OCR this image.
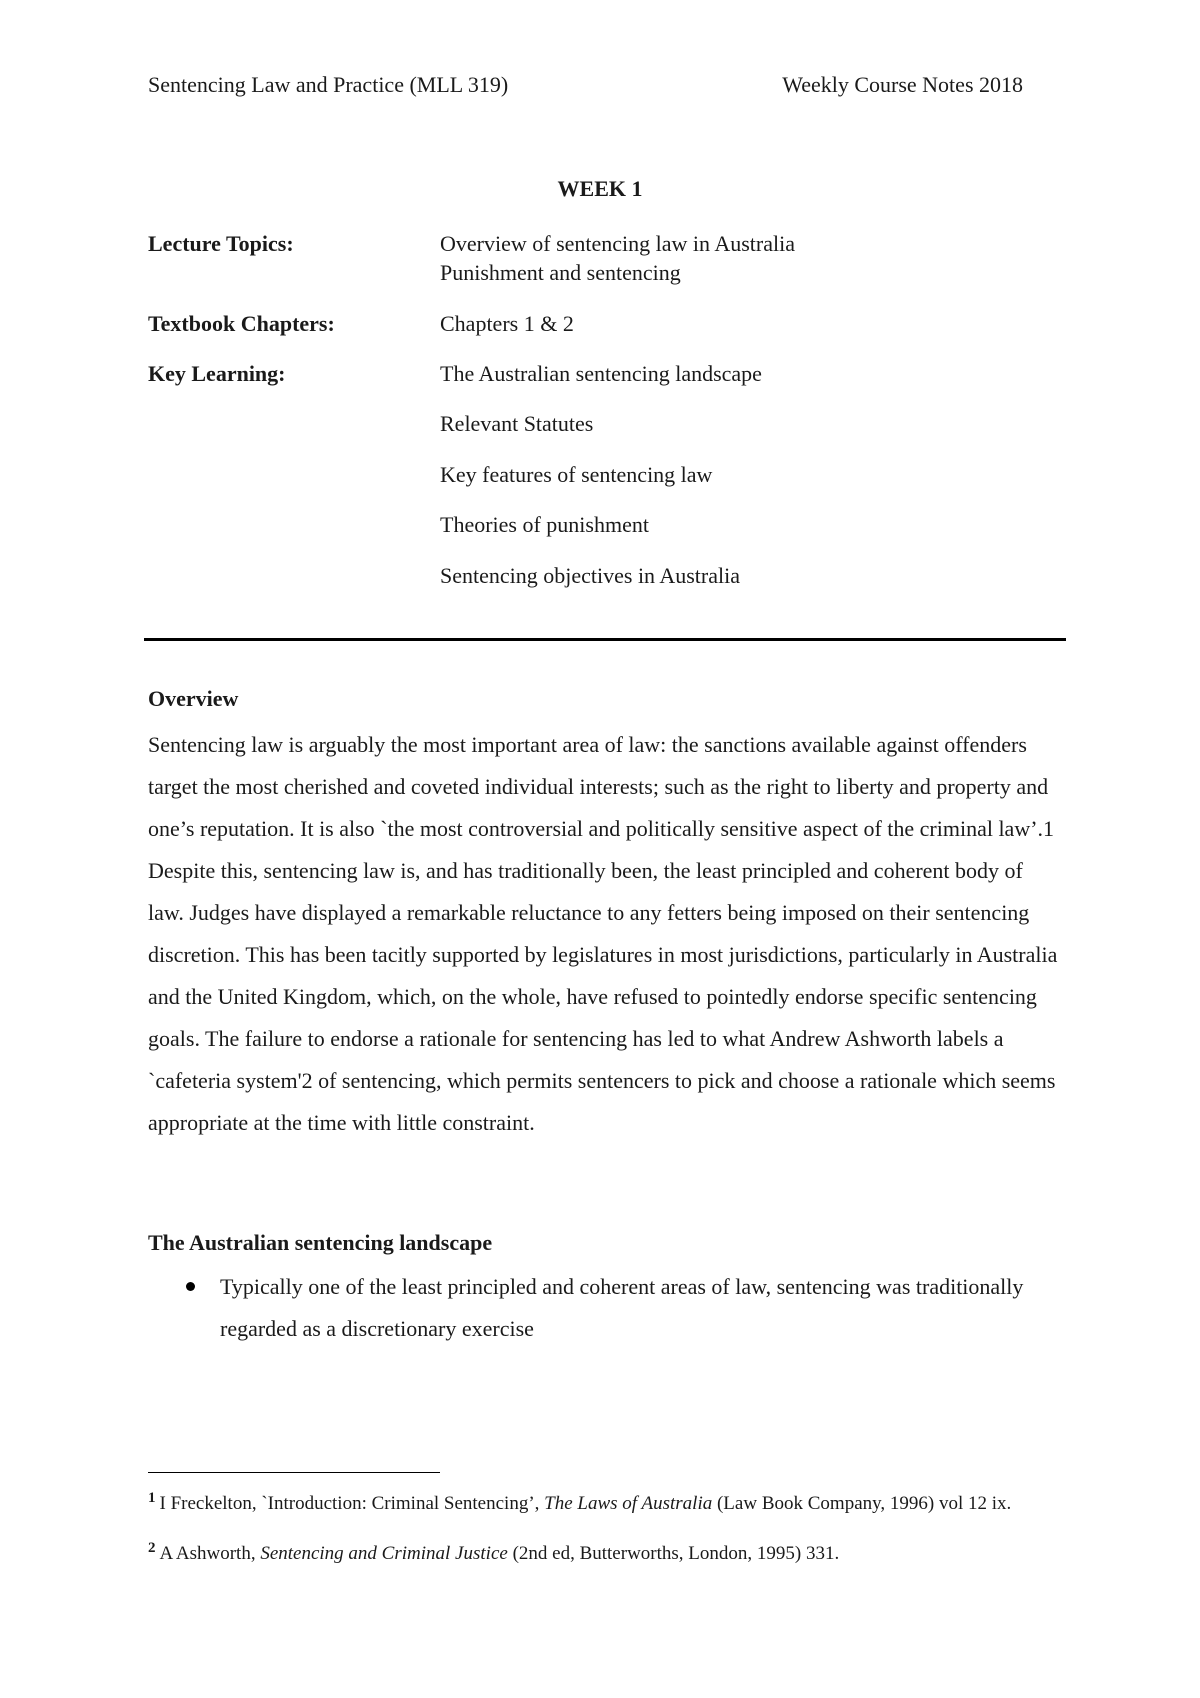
Sentencing Law and Practice (MLL 319)	Weekly Course Notes 2018
WEEK 1
Lecture Topics:	Overview of sentencing law in Australia
Punishment and sentencing
Textbook Chapters:	Chapters 1 & 2
Key Learning:	The Australian sentencing landscape
Relevant Statutes
Key features of sentencing law
Theories of punishment
Sentencing objectives in Australia
Overview
Sentencing law is arguably the most important area of law: the sanctions available against offenders target the most cherished and coveted individual interests; such as the right to liberty and property and one’s reputation. It is also `the most controversial and politically sensitive aspect of the criminal law’.1 Despite this, sentencing law is, and has traditionally been, the least principled and coherent body of law. Judges have displayed a remarkable reluctance to any fetters being imposed on their sentencing discretion. This has been tacitly supported by legislatures in most jurisdictions, particularly in Australia and the United Kingdom, which, on the whole, have refused to pointedly endorse specific sentencing goals. The failure to endorse a rationale for sentencing has led to what Andrew Ashworth labels a `cafeteria system'2 of sentencing, which permits sentencers to pick and choose a rationale which seems appropriate at the time with little constraint.
The Australian sentencing landscape
Typically one of the least principled and coherent areas of law, sentencing was traditionally regarded as a discretionary exercise
$^1$ I Freckelton, `Introduction: Criminal Sentencing’, The Laws of Australia (Law Book Company, 1996) vol 12 ix.
$^2$ A Ashworth, Sentencing and Criminal Justice (2nd ed, Butterworths, London, 1995) 331.
